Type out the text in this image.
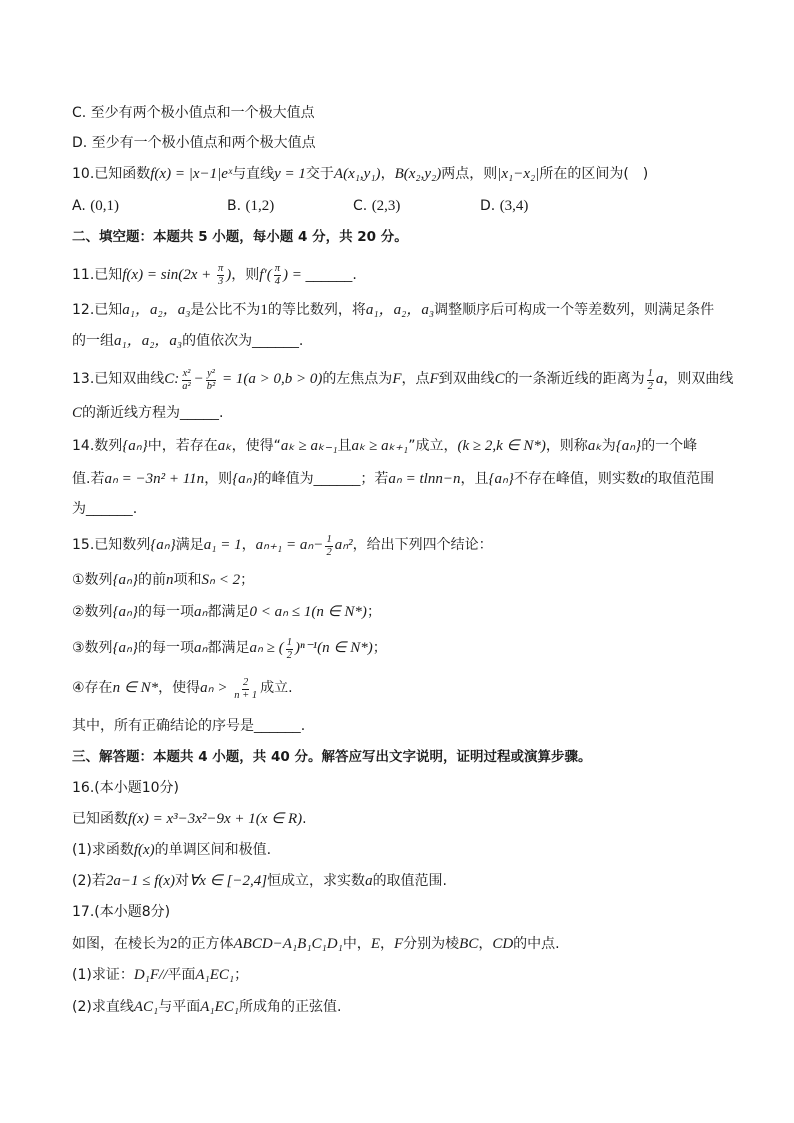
C. 至少有两个极小值点和一个极大值点
D. 至少有一个极小值点和两个极大值点
10.已知函数 f(x) = |x−1|eˣ 与直线 y = 1 交于 A(x₁,y₁) ， B(x₂,y₂) 两点，则 |x₁−x₂| 所在的区间为(　)
A. (0,1)	B. (1,2)	C. (2,3)	D. (3,4)
二、填空题：本题共 5 小题，每小题 4 分，共 20 分。
11.已知 $f(x) = \sin(2x + \frac{\pi}{3}$ ) ，则 $f'( \frac{\pi}{4}$ ) = ______ .
12.已知 a₁，a₂，a₃ 是公比不为 1 的等比数列，将 a₁，a₂，a₃ 调整顺序后可构成一个等差数列，则满足条件
的一组 a₁，a₂，a₃ 的值依次为 ______ .
13.已知双曲线 C: $\frac{\text{x²}}{\text{a²}} - \frac{\text{y²}}{\text{b²}} = 1(a > 0,b > 0)$ 的左焦点为 F ，点 F 到双曲线 C 的一条渐近线的距离为 $\frac{1}{2}$ a ，则双曲线
C 的渐近线方程为 _____ .
14.数列 {aₙ} 中，若存在 aₖ ，使得“ aₖ ≥ aₖ₋₁ 且 aₖ ≥ aₖ₊₁ ”成立， (k ≥ 2,k ∈ N*) ，则称 aₖ 为 {aₙ} 的一个峰
值.若 aₙ = −3n² + 11n ，则 {aₙ} 的峰值为 ______ ；若 aₙ = tlnn−n ，且 {aₙ} 不存在峰值，则实数 t 的取值范围
为 ______ .
15.已知数列 {aₙ} 满足 a₁ = 1 ， $a_{n+1} = a_n- \frac{1}{2} a_n^2$ ，给出下列四个结论：
①数列 {aₙ} 的前 n 项和 Sₙ < 2 ；
②数列 {aₙ} 的每一项 aₙ 都满足 0 < aₙ ≤ 1(n ∈ N*) ；
③数列 {aₙ} 的每一项 aₙ 都满足 aₙ ≥ ( $\frac{1}{2} )^{n-1}(n$ ∈ N*) ；
④存在 n ∈ N* ，使得 $a_n > \frac{2}{n + 1}$ 成立.
其中，所有正确结论的序号是 ______ .
三、解答题：本题共 4 小题，共 40 分。解答应写出文字说明，证明过程或演算步骤。
16.(本小题10分)
已知函数 f(x) = x³−3x²−9x + 1(x ∈ R) .
(1)求函数 f(x) 的单调区间和极值.
(2)若 2a−1 ≤ f(x) 对 ∀x ∈ [−2,4] 恒成立，求实数 a 的取值范围.
17.(本小题8分)
如图，在棱长为 2 的正方体 ABCD−A₁B₁C₁D₁ 中， E ， F 分别为棱 BC ， CD 的中点.
(1)求证： D₁F// 平面 A₁EC₁ ；
(2)求直线 AC₁ 与平面 A₁EC₁ 所成角的正弦值.
